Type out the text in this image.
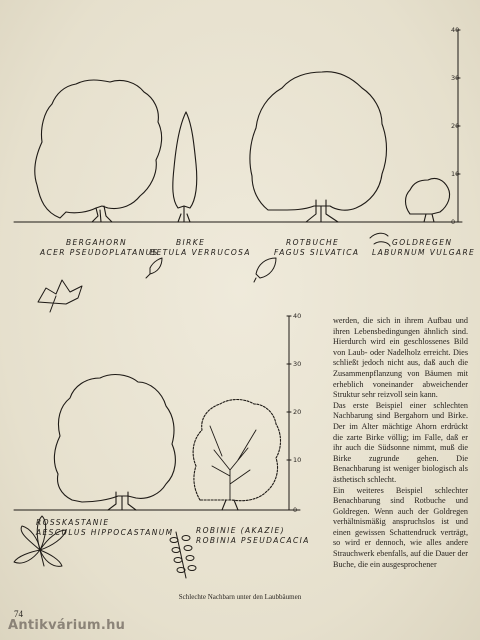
40
30
20
10
0
BERGAHORN
ACER PSEUDOPLATANUS
BIRKE
BETULA VERRUCOSA
ROTBUCHE
FAGUS SILVATICA
GOLDREGEN
LABURNUM VULGARE
40
30
20
10
0
ROSSKASTANIE
AESCULUS HIPPOCASTANUM	ROBINIE (AKAZIE)
ROBINIA PSEUDACACIA

werden, die sich in ihrem Aufbau und ihren Lebensbedingungen ähnlich sind. Hierdurch wird ein geschlossenes Bild von Laub- oder Nadelholz erreicht. Dies schließt jedoch nicht aus, daß auch die Zusammenpflanzung von Bäumen mit erheblich voneinander abweichender Struktur sehr reizvoll sein kann.

Das erste Beispiel einer schlechten Nachbarung sind Bergahorn und Birke. Der im Alter mächtige Ahorn erdrückt die zarte Birke völlig; im Falle, daß er ihr auch die Südsonne nimmt, muß die Birke zugrunde gehen. Die Benachbarung ist weniger biologisch als ästhetisch schlecht.

Ein weiteres Beispiel schlechter Benachbarung sind Rotbuche und Goldregen. Wenn auch der Goldregen verhältnismäßig anspruchslos ist und einen gewissen Schattendruck verträgt, so wird er dennoch, wie alles andere Strauchwerk ebenfalls, auf die Dauer der Buche, die ein ausgesprochener

Schlechte Nachbarn unter den Laubbäumen
74
Antikvárium.hu
